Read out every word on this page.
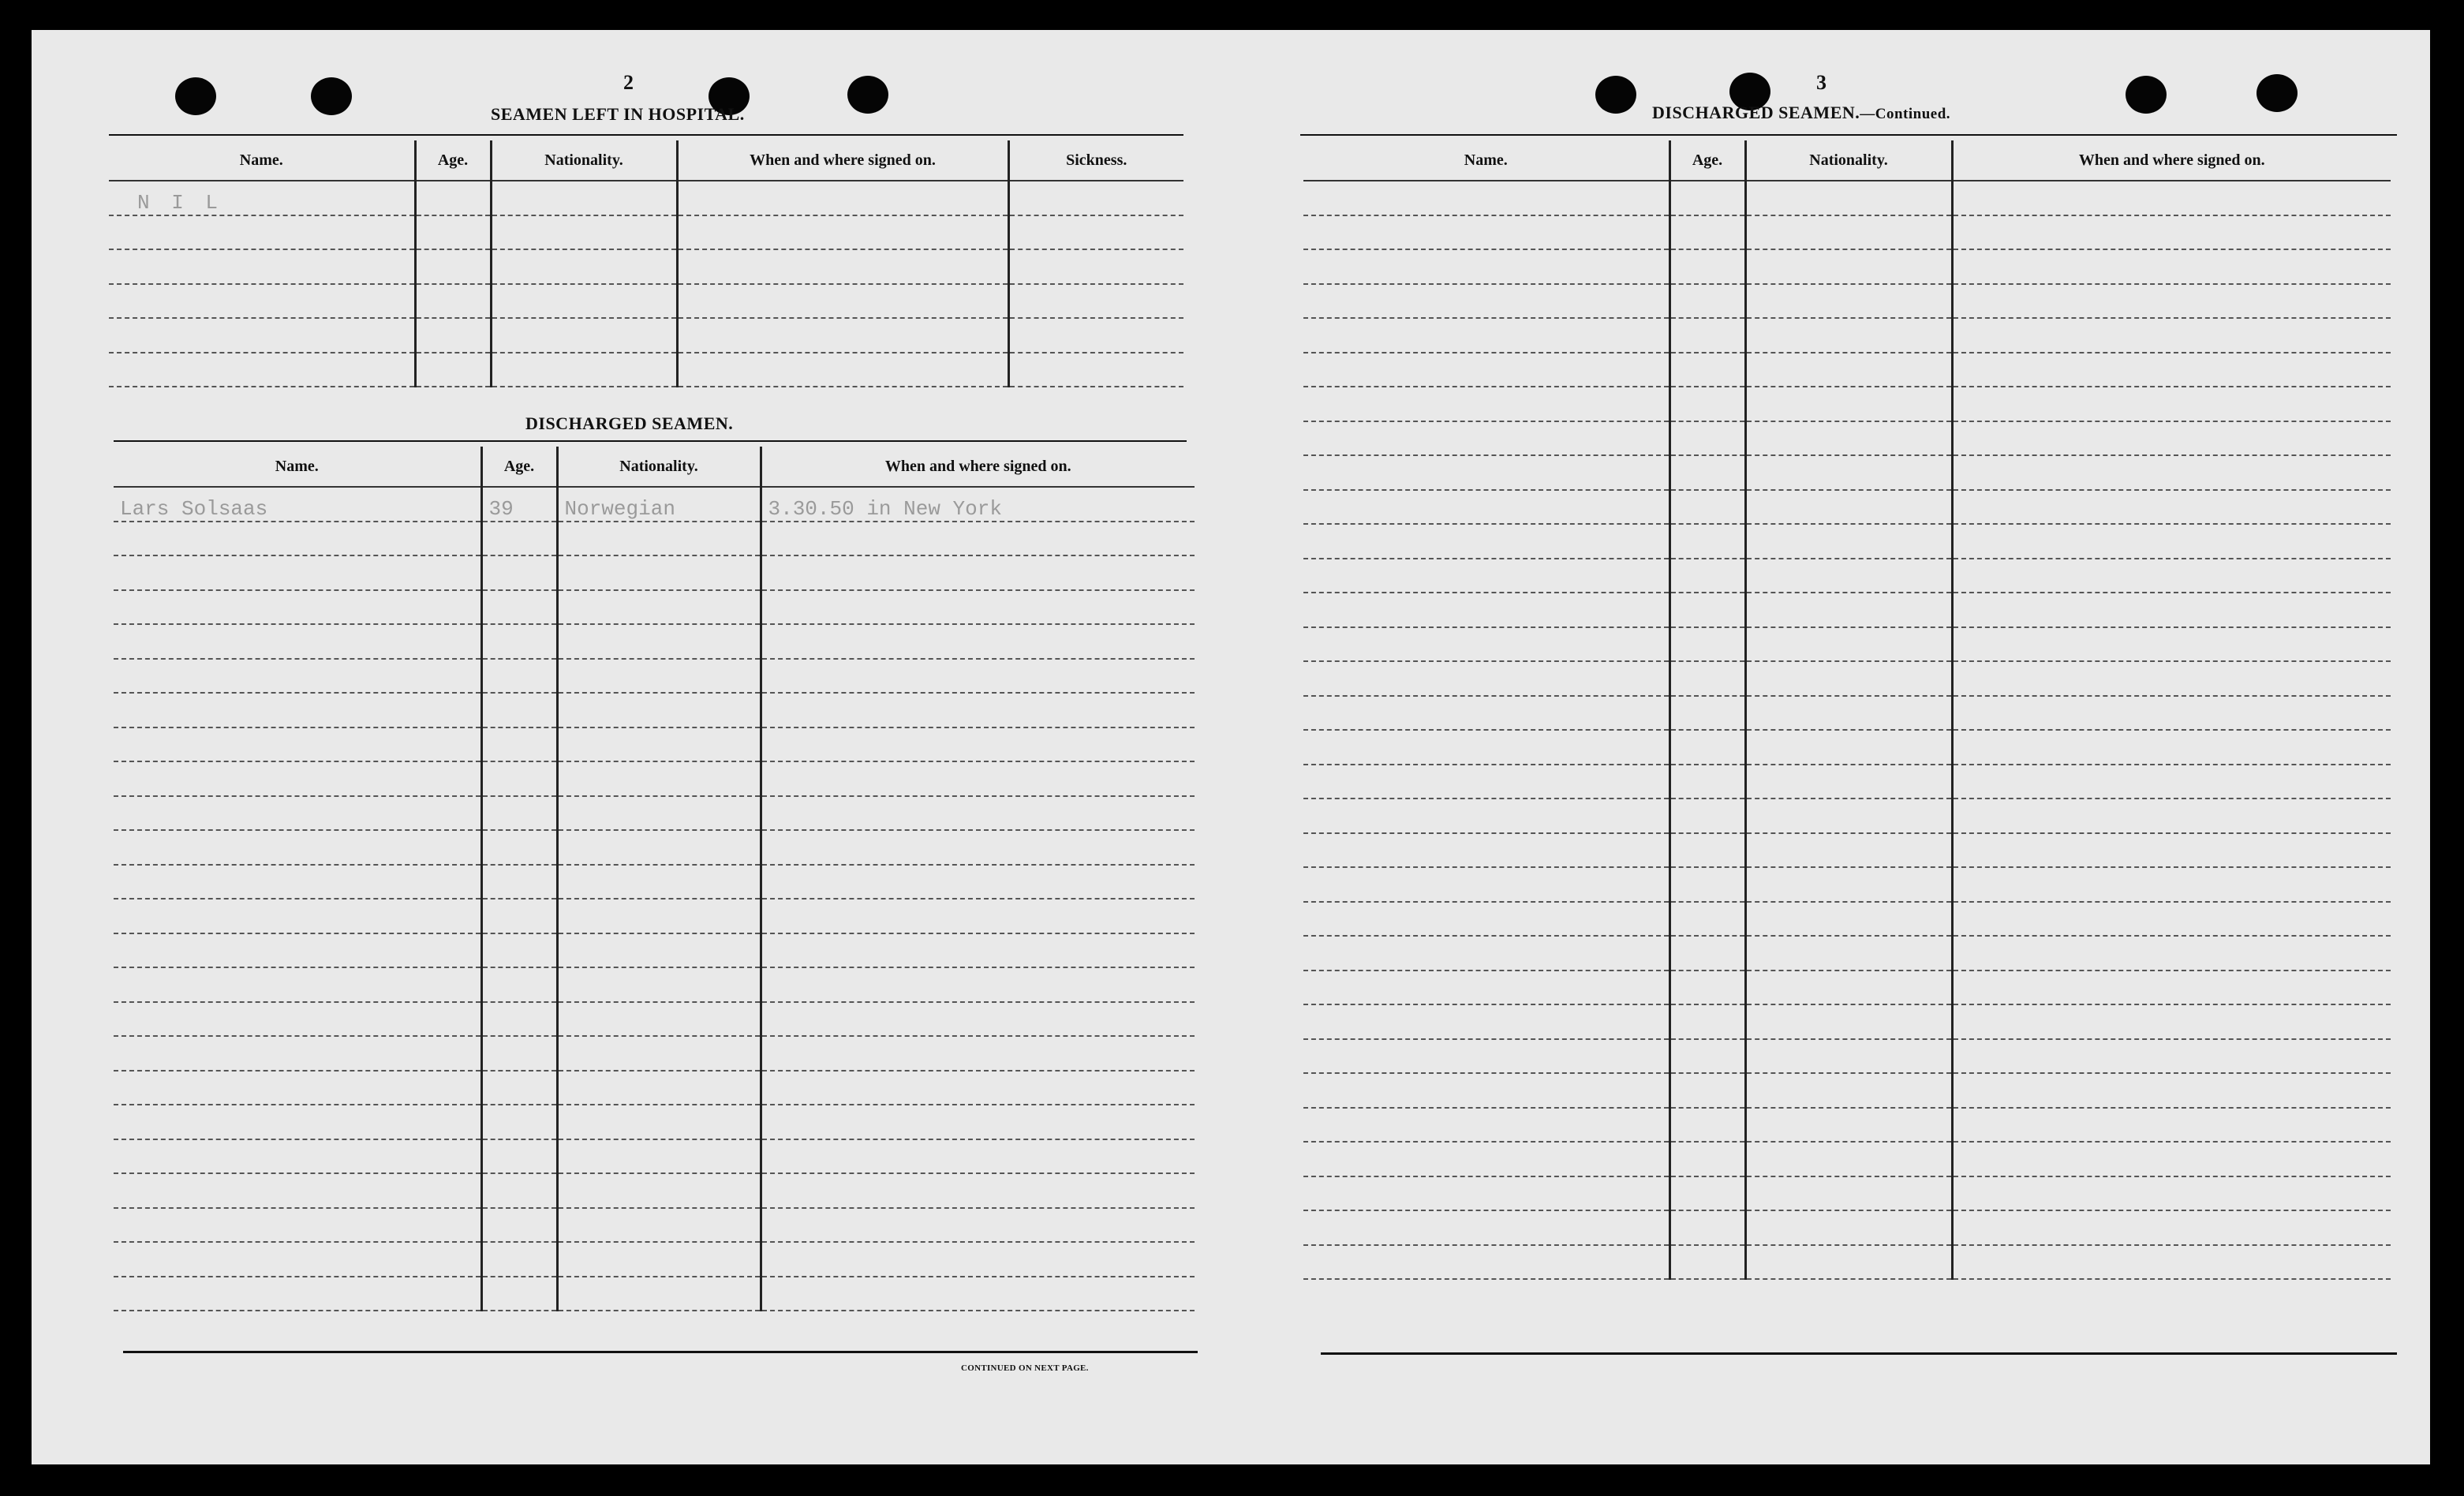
2
SEAMEN LEFT IN HOSPITAL.
Name.	Age.	Nationality.	When and where signed on.	Sickness.
N I L				

DISCHARGED SEAMEN.
Name.	Age.	Nationality.	When and where signed on.
Lars Solsaas	39	Norwegian	3.30.50 in New York

CONTINUED ON NEXT PAGE.
3
DISCHARGED SEAMEN.—Continued.
Name.	Age.	Nationality.	When and where signed on.
